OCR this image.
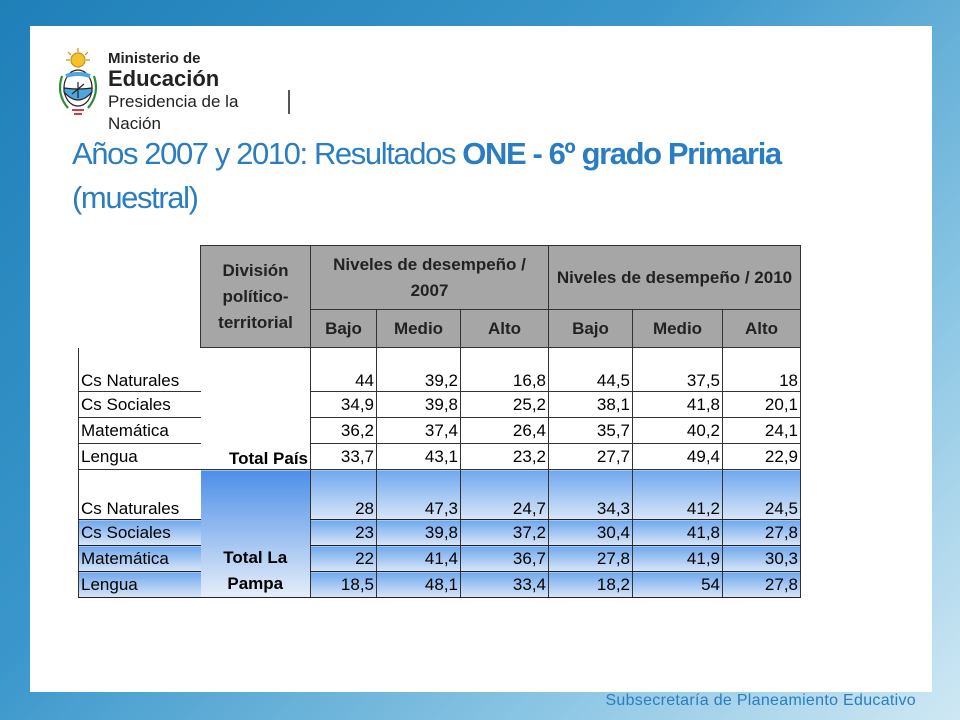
Ministerio de
Educación
Presidencia de la Nación
Años 2007 y 2010: Resultados ONE - 6º grado Primaria
(muestral)
	División político-territorial	Niveles de desempeño / 2007			Niveles de desempeño / 2010		
		Bajo	Medio	Alto	Bajo	Medio	Alto
Cs Naturales	Total País	44	39,2	16,8	44,5	37,5	18
Cs Sociales		34,9	39,8	25,2	38,1	41,8	20,1
Matemática		36,2	37,4	26,4	35,7	40,2	24,1
Lengua		33,7	43,1	23,2	27,7	49,4	22,9
Cs Naturales	Total La Pampa	28	47,3	24,7	34,3	41,2	24,5
Cs Sociales		23	39,8	37,2	30,4	41,8	27,8
Matemática		22	41,4	36,7	27,8	41,9	30,3
Lengua		18,5	48,1	33,4	18,2	54	27,8
Subsecretaría de Planeamiento Educativo
